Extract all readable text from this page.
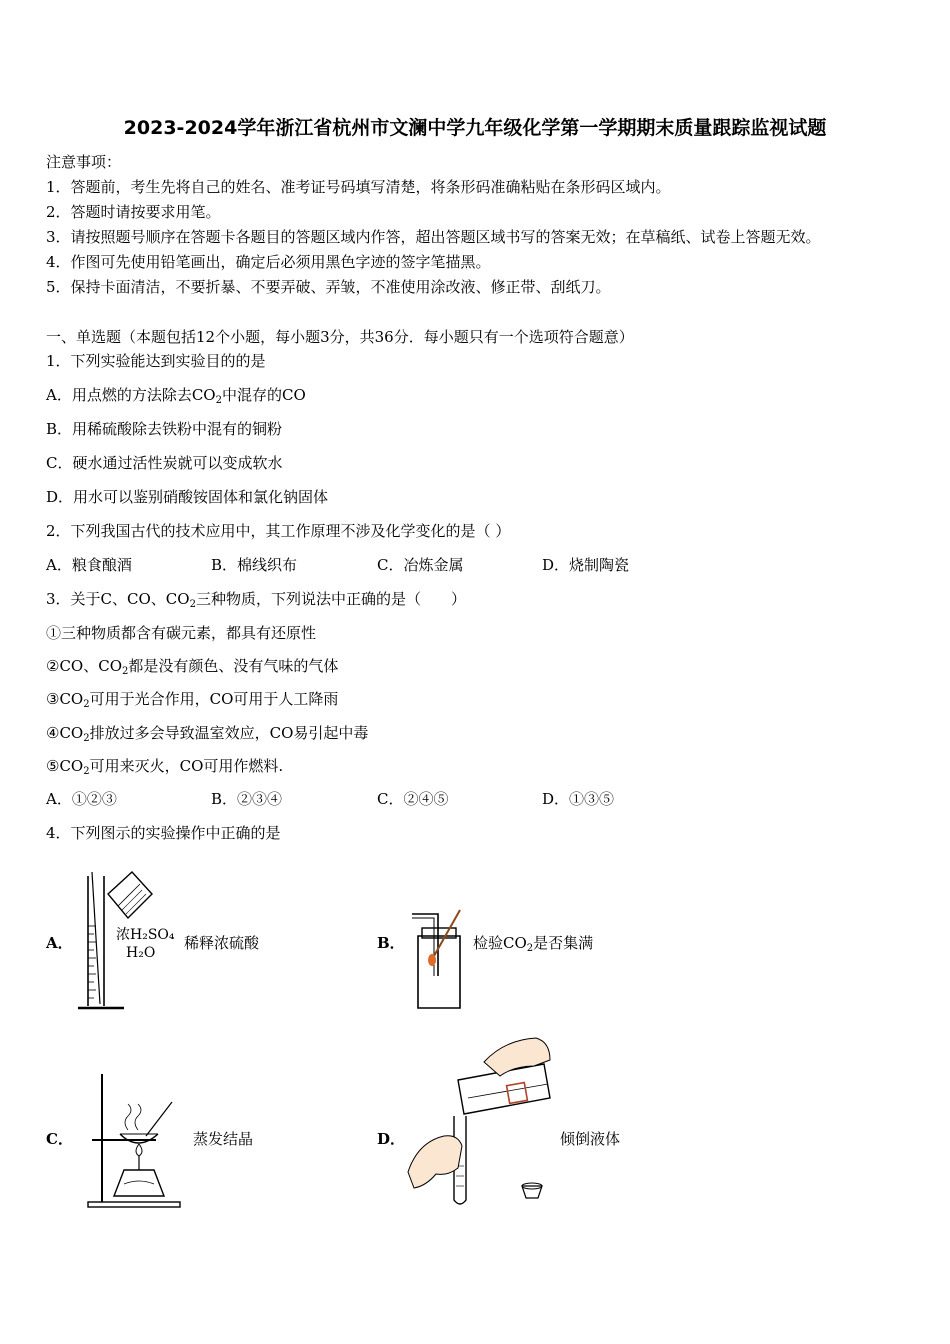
2023-2024学年浙江省杭州市文澜中学九年级化学第一学期期末质量跟踪监视试题
注意事项：
1．答题前，考生先将自己的姓名、准考证号码填写清楚，将条形码准确粘贴在条形码区域内。
2．答题时请按要求用笔。
3．请按照题号顺序在答题卡各题目的答题区域内作答，超出答题区域书写的答案无效；在草稿纸、试卷上答题无效。
4．作图可先使用铅笔画出，确定后必须用黑色字迹的签字笔描黑。
5．保持卡面清洁，不要折暴、不要弄破、弄皱，不准使用涂改液、修正带、刮纸刀。
一、单选题（本题包括12个小题，每小题3分，共36分．每小题只有一个选项符合题意）
1．下列实验能达到实验目的的是
A．用点燃的方法除去$CO_2$中混存的CO
B．用稀硫酸除去铁粉中混有的铜粉
C．硬水通过活性炭就可以变成软水
D．用水可以鉴别硝酸铵固体和氯化钠固体
2．下列我国古代的技术应用中，其工作原理不涉及化学变化的是（ ）
A．粮食酿酒	B．棉线织布	C．冶炼金属	D．烧制陶瓷
3．关于C、CO、$CO_2$三种物质，下列说法中正确的是（　　）
①三种物质都含有碳元素，都具有还原性
②CO、$CO_2$都是没有颜色、没有气味的气体
$③CO_2$可用于光合作用，CO可用于人工降雨
$④CO_2$排放过多会导致温室效应，CO易引起中毒
$⑤CO_2$可用来灭火，CO可用作燃料.
A．①②③	B．②③④	C．②④⑤	D．①③⑤
4．下列图示的实验操作中正确的是
A．	浓H₂SO₄
H₂O
稀释浓硫酸	B．	检验$CO_2$是否集满
C．	蒸发结晶	D．	倾倒液体
